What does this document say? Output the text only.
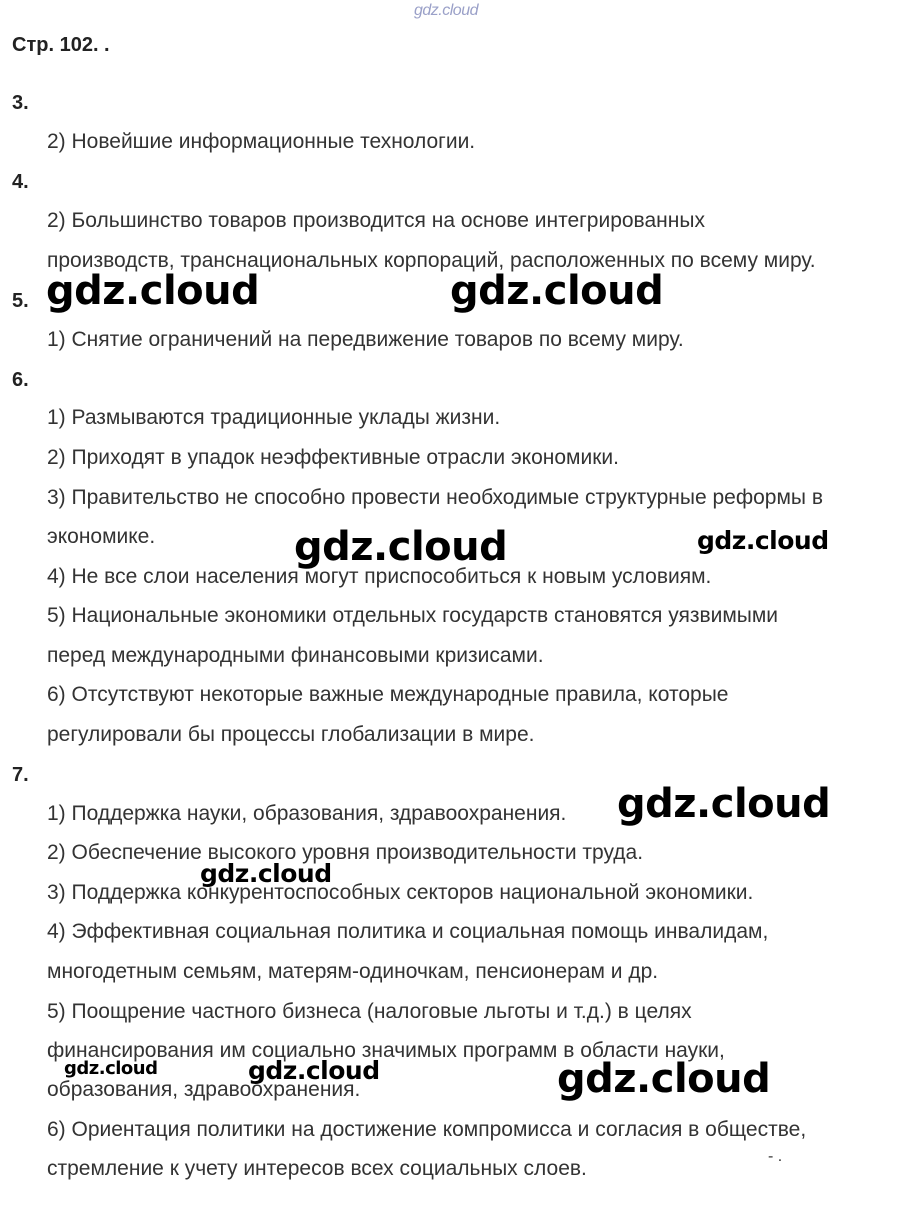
gdz.cloud
Стр. 102. .
3.
2) Новейшие информационные технологии.
4.
2) Большинство товаров производится на основе интегрированных
производств, транснациональных корпораций, расположенных по всему миру.
5.
1) Снятие ограничений на передвижение товаров по всему миру.
6.
1) Размываются традиционные уклады жизни.
2) Приходят в упадок неэффективные отрасли экономики.
3) Правительство не способно провести необходимые структурные реформы в
экономике.
4) Не все слои населения могут приспособиться к новым условиям.
5) Национальные экономики отдельных государств становятся уязвимыми
перед международными финансовыми кризисами.
6) Отсутствуют некоторые важные международные правила, которые
регулировали бы процессы глобализации в мире.
7.
1) Поддержка науки, образования, здравоохранения.
2) Обеспечение высокого уровня производительности труда.
3) Поддержка конкурентоспособных секторов национальной экономики.
4) Эффективная социальная политика и социальная помощь инвалидам,
многодетным семьям, матерям-одиночкам, пенсионерам и др.
5) Поощрение частного бизнеса (налоговые льготы и т.д.) в целях
финансирования им социально значимых программ в области науки,
образования, здравоохранения.
6) Ориентация политики на достижение компромисса и согласия в обществе,
стремление к учету интересов всех социальных слоев.
gdz.cloud	gdz.cloud
gdz.cloud	gdz.cloud
gdz.cloud
gdz.cloud
gdz.cloud	gdz.cloud	gdz.cloud
- .
